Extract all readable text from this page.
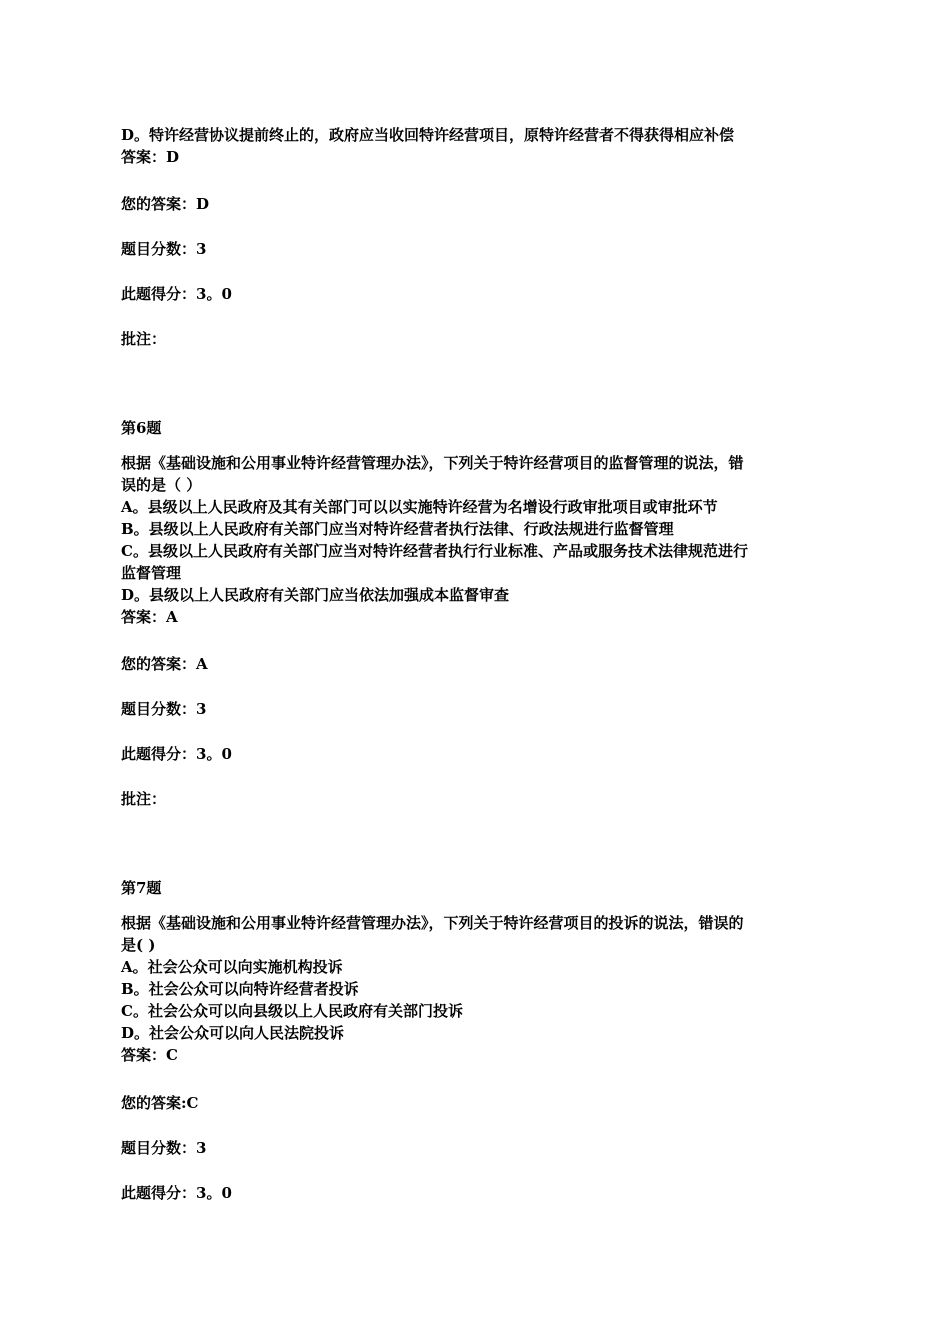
D。特许经营协议提前终止的，政府应当收回特许经营项目，原特许经营者不得获得相应补偿
答案：D
您的答案：D
题目分数：3
此题得分：3。0
批注：
第6题
根据《基础设施和公用事业特许经营管理办法》，下列关于特许经营项目的监督管理的说法，错
误的是（ ）
A。县级以上人民政府及其有关部门可以以实施特许经营为名增设行政审批项目或审批环节
B。县级以上人民政府有关部门应当对特许经营者执行法律、行政法规进行监督管理
C。县级以上人民政府有关部门应当对特许经营者执行行业标准、产品或服务技术法律规范进行
监督管理
D。县级以上人民政府有关部门应当依法加强成本监督审查
答案：A
您的答案：A
题目分数：3
此题得分：3。0
批注：
第7题
根据《基础设施和公用事业特许经营管理办法》，下列关于特许经营项目的投诉的说法，错误的
是( )
A。社会公众可以向实施机构投诉
B。社会公众可以向特许经营者投诉
C。社会公众可以向县级以上人民政府有关部门投诉
D。社会公众可以向人民法院投诉
答案：C
您的答案:C
题目分数：3
此题得分：3。0
